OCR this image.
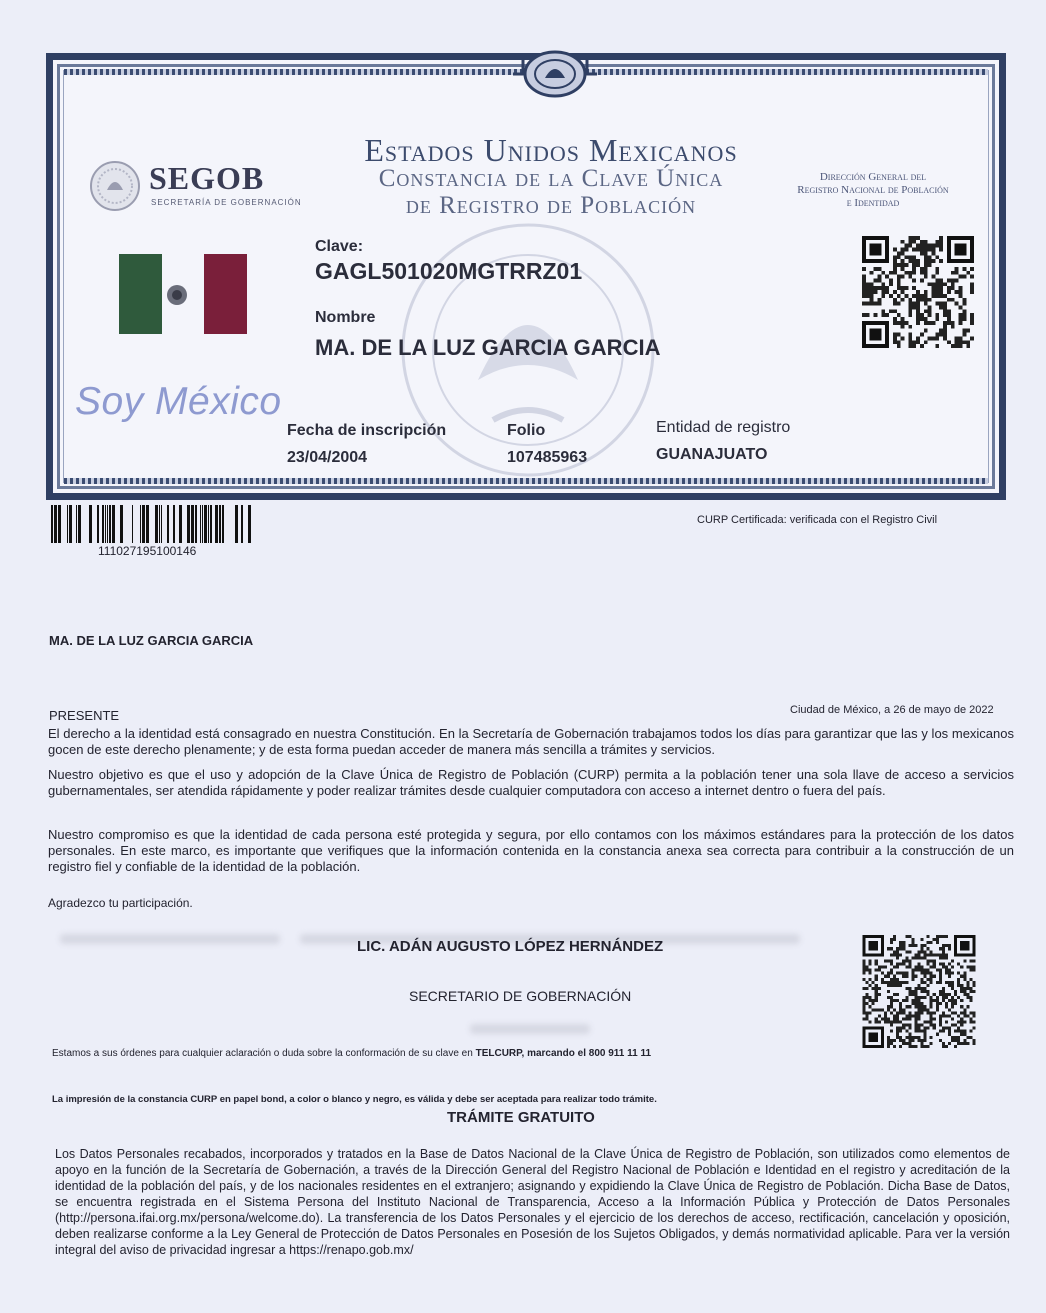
Estados Unidos Mexicanos
Constancia de la Clave Única
de Registro de Población
SEGOB
SECRETARÍA DE GOBERNACIÓN
Dirección General del
Registro Nacional de Población
e Identidad
Soy México
Clave:
GAGL501020MGTRRZ01
Nombre
MA. DE LA LUZ GARCIA GARCIA
Fecha de inscripción
23/04/2004
Folio
107485963
Entidad de registro
GUANAJUATO
111027195100146
CURP Certificada: verificada con el Registro Civil
MA. DE LA LUZ GARCIA GARCIA
PRESENTE	Ciudad de México, a 26 de mayo de 2022
El derecho a la identidad está consagrado en nuestra Constitución. En la Secretaría de Gobernación trabajamos todos los días para garantizar que las y los mexicanos gocen de este derecho plenamente; y de esta forma puedan acceder de manera más sencilla a trámites y servicios.
Nuestro objetivo es que el uso y adopción de la Clave Única de Registro de Población (CURP) permita a la población tener una sola llave de acceso a servicios gubernamentales, ser atendida rápidamente y poder realizar trámites desde cualquier computadora con acceso a internet dentro o fuera del país.
Nuestro compromiso es que la identidad de cada persona esté protegida y segura, por ello contamos con los máximos estándares para la protección de los datos personales. En este marco, es importante que verifiques que la información contenida en la constancia anexa sea correcta para contribuir a la construcción de un registro fiel y confiable de la identidad de la población.
Agradezco tu participación.
LIC. ADÁN AUGUSTO LÓPEZ HERNÁNDEZ
SECRETARIO DE GOBERNACIÓN
Estamos a sus órdenes para cualquier aclaración o duda sobre la conformación de su clave en TELCURP, marcando el 800 911 11 11
La impresión de la constancia CURP en papel bond, a color o blanco y negro, es válida y debe ser aceptada para realizar todo trámite.
TRÁMITE GRATUITO
Los Datos Personales recabados, incorporados y tratados en la Base de Datos Nacional de la Clave Única de Registro de Población, son utilizados como elementos de apoyo en la función de la Secretaría de Gobernación, a través de la Dirección General del Registro Nacional de Población e Identidad en el registro y acreditación de la identidad de la población del país, y de los nacionales residentes en el extranjero; asignando y expidiendo la Clave Única de Registro de Población. Dicha Base de Datos, se encuentra registrada en el Sistema Persona del Instituto Nacional de Transparencia, Acceso a la Información Pública y Protección de Datos Personales (http://persona.ifai.org.mx/persona/welcome.do). La transferencia de los Datos Personales y el ejercicio de los derechos de acceso, rectificación, cancelación y oposición, deben realizarse conforme a la Ley General de Protección de Datos Personales en Posesión de los Sujetos Obligados, y demás normatividad aplicable. Para ver la versión integral del aviso de privacidad ingresar a https://renapo.gob.mx/
